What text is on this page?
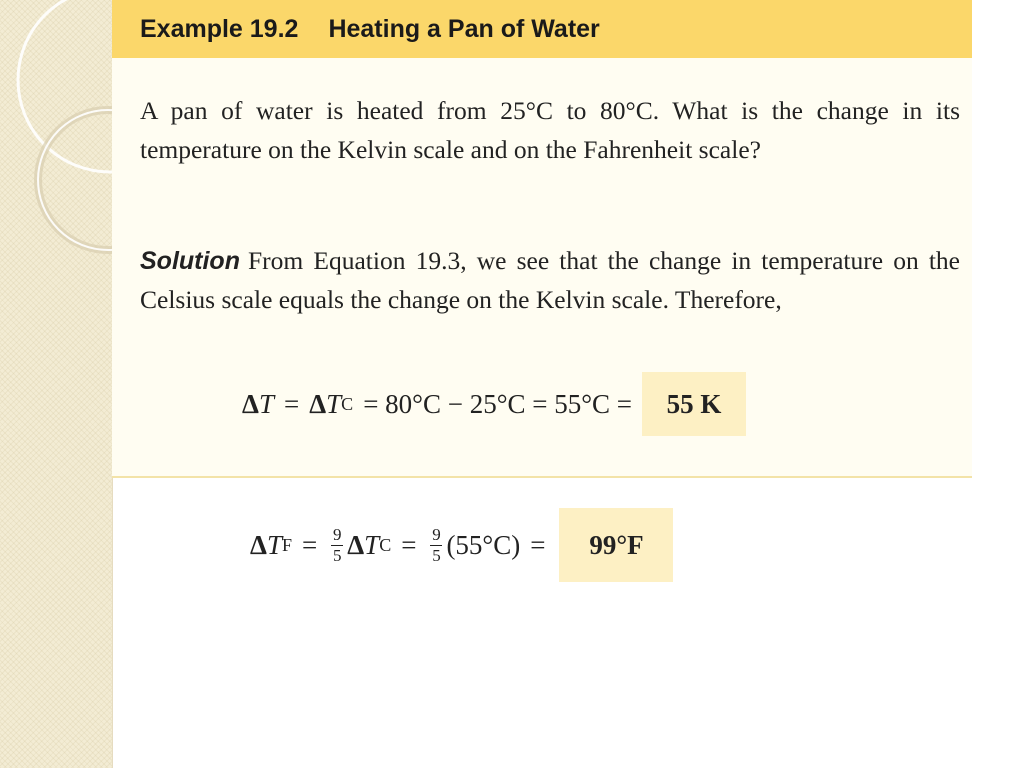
Example 19.2 Heating a Pan of Water
A pan of water is heated from 25°C to 80°C. What is the change in its temperature on the Kelvin scale and on the Fahrenheit scale?
Solution From Equation 19.3, we see that the change in temperature on the Celsius scale equals the change on the Kelvin scale. Therefore,
Δ T = Δ T C = 80°C − 25°C = 55°C =	55 K
Δ T $F = \frac{9}{5}$ Δ T $C = \frac{9}{5} (55^\circ C)$ =	99°F
